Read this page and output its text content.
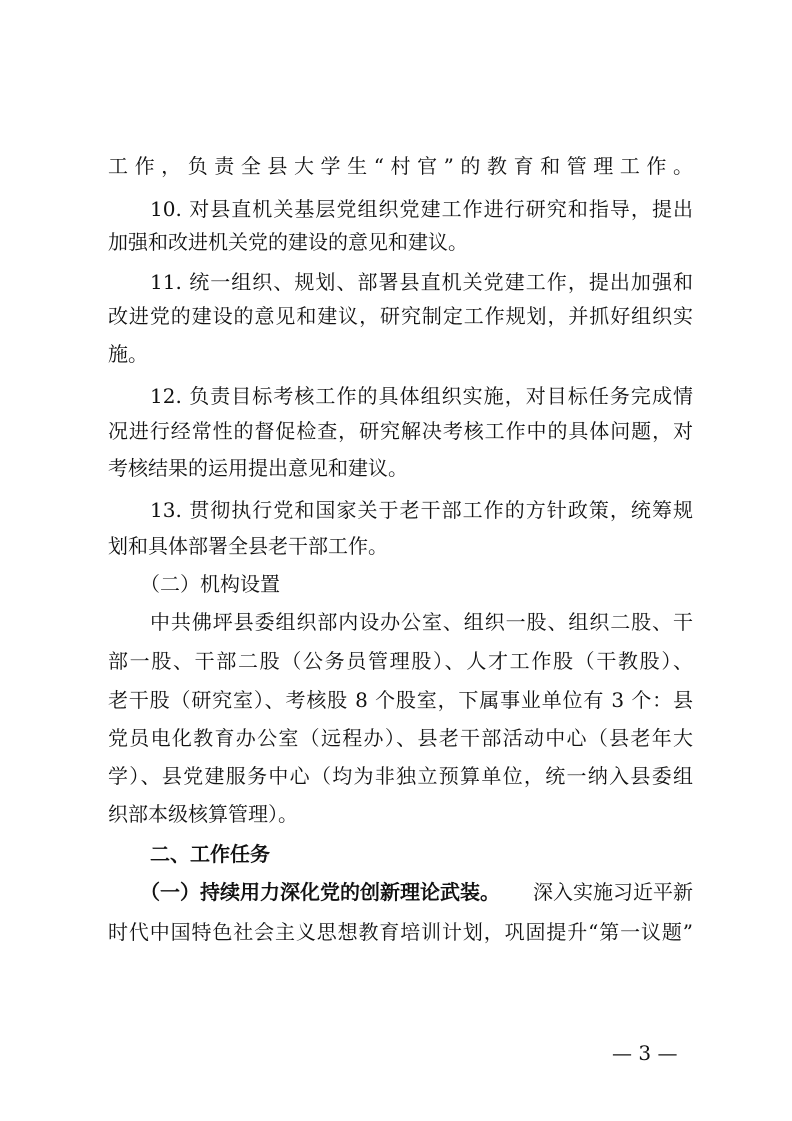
工作，负责全县大学生“村官”的教育和管理工作。
10. 对县直机关基层党组织党建工作进行研究和指导，提出
加强和改进机关党的建设的意见和建议。
11. 统一组织、规划、部署县直机关党建工作，提出加强和
改进党的建设的意见和建议，研究制定工作规划，并抓好组织实
施。
12. 负责目标考核工作的具体组织实施，对目标任务完成情
况进行经常性的督促检查，研究解决考核工作中的具体问题，对
考核结果的运用提出意见和建议。
13. 贯彻执行党和国家关于老干部工作的方针政策，统筹规
划和具体部署全县老干部工作。
（二）机构设置
中共佛坪县委组织部内设办公室、组织一股、组织二股、干
部一股、干部二股（公务员管理股）、人才工作股（干教股）、
老干股（研究室）、考核股 8 个股室，下属事业单位有 3 个：县
党员电化教育办公室（远程办）、县老干部活动中心（县老年大
学）、县党建服务中心（均为非独立预算单位，统一纳入县委组
织部本级核算管理）。
二、工作任务
（一）持续用力深化党的创新理论武装。 深入实施习近平新
时代中国特色社会主义思想教育培训计划，巩固提升“第一议题”
— 3 —
